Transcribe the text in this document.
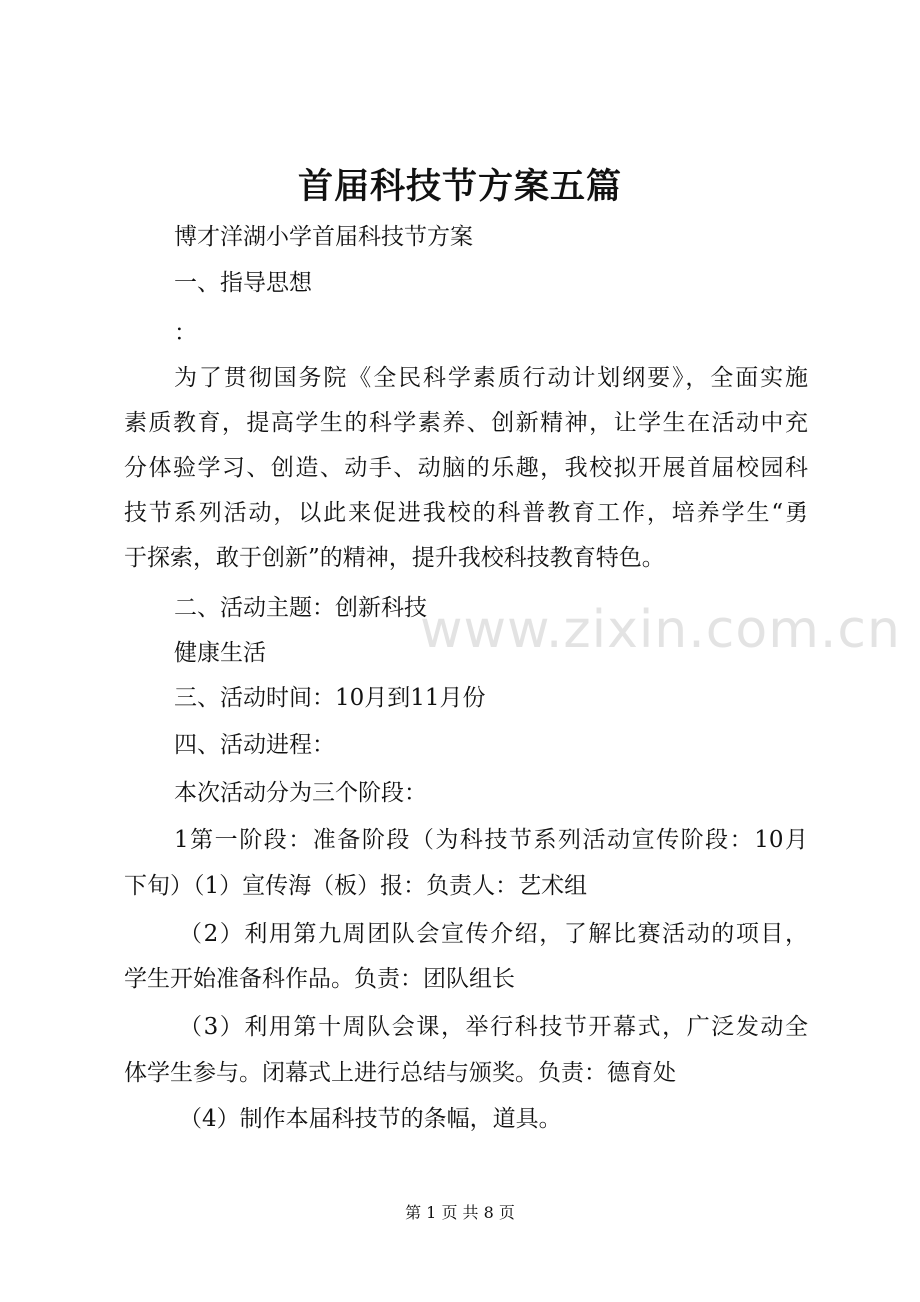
首届科技节方案五篇
博才洋湖小学首届科技节方案
一、指导思想
：
为了贯彻国务院《全民科学素质行动计划纲要》，全面实施
素质教育，提高学生的科学素养、创新精神，让学生在活动中充
分体验学习、创造、动手、动脑的乐趣，我校拟开展首届校园科
技节系列活动，以此来促进我校的科普教育工作，培养学生“勇
于探索，敢于创新”的精神，提升我校科技教育特色。
二、活动主题：创新科技
健康生活
三、活动时间：10月到11月份
四、活动进程：
本次活动分为三个阶段：
1第一阶段：准备阶段（为科技节系列活动宣传阶段：10月
下旬）（1）宣传海（板）报：负责人：艺术组
（2）利用第九周团队会宣传介绍，了解比赛活动的项目，
学生开始准备科作品。负责：团队组长
（3）利用第十周队会课，举行科技节开幕式，广泛发动全
体学生参与。闭幕式上进行总结与颁奖。负责：德育处
（4）制作本届科技节的条幅，道具。
www.zixin.com.cn
第 1 页 共 8 页
